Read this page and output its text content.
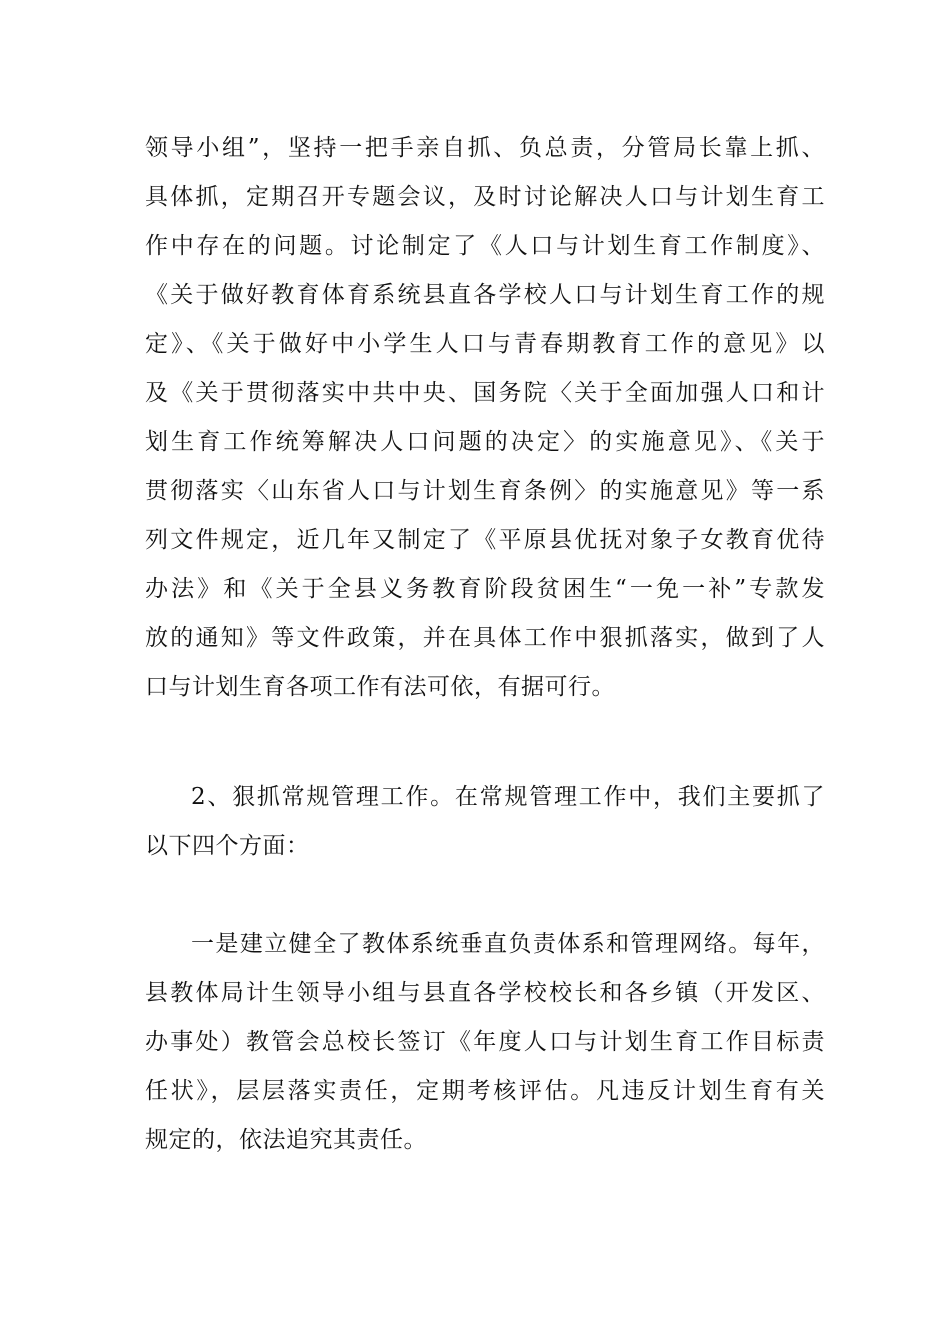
领导小组”，坚持一把手亲自抓、负总责，分管局长靠上抓、
具体抓，定期召开专题会议，及时讨论解决人口与计划生育工
作中存在的问题。讨论制定了《人口与计划生育工作制度》、
《关于做好教育体育系统县直各学校人口与计划生育工作的规
定》、《关于做好中小学生人口与青春期教育工作的意见》以
及《关于贯彻落实中共中央、国务院〈关于全面加强人口和计
划生育工作统筹解决人口问题的决定〉的实施意见》、《关于
贯彻落实〈山东省人口与计划生育条例〉的实施意见》等一系
列文件规定，近几年又制定了《平原县优抚对象子女教育优待
办法》和《关于全县义务教育阶段贫困生“一免一补”专款发
放的通知》等文件政策，并在具体工作中狠抓落实，做到了人
口与计划生育各项工作有法可依，有据可行。
2、狠抓常规管理工作。在常规管理工作中，我们主要抓了
以下四个方面：
一是建立健全了教体系统垂直负责体系和管理网络。每年，
县教体局计生领导小组与县直各学校校长和各乡镇（开发区、
办事处）教管会总校长签订《年度人口与计划生育工作目标责
任状》，层层落实责任，定期考核评估。凡违反计划生育有关
规定的，依法追究其责任。
